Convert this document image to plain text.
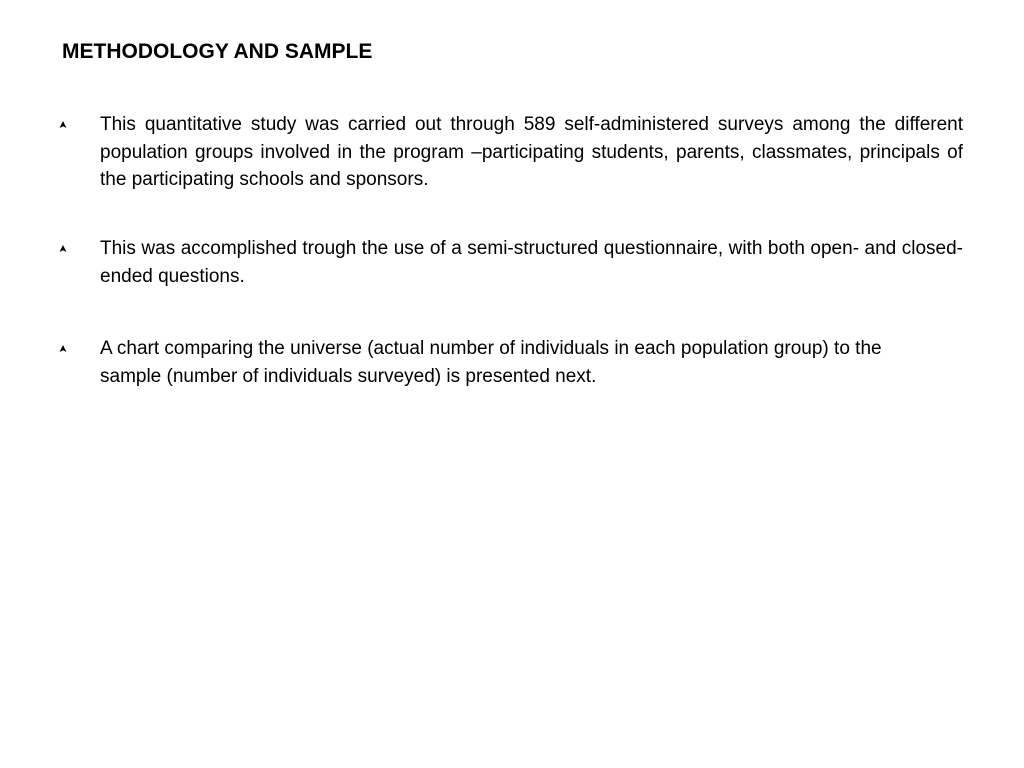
METHODOLOGY AND SAMPLE

This quantitative study was carried out through 589 self-administered surveys among the different population groups involved in the program –participating students, parents, classmates, principals of the participating schools and sponsors.

This was accomplished trough the use of a semi-structured questionnaire, with both open- and closed-ended questions.

A chart comparing the universe (actual number of individuals in each population group) to the sample (number of individuals surveyed) is presented next.
